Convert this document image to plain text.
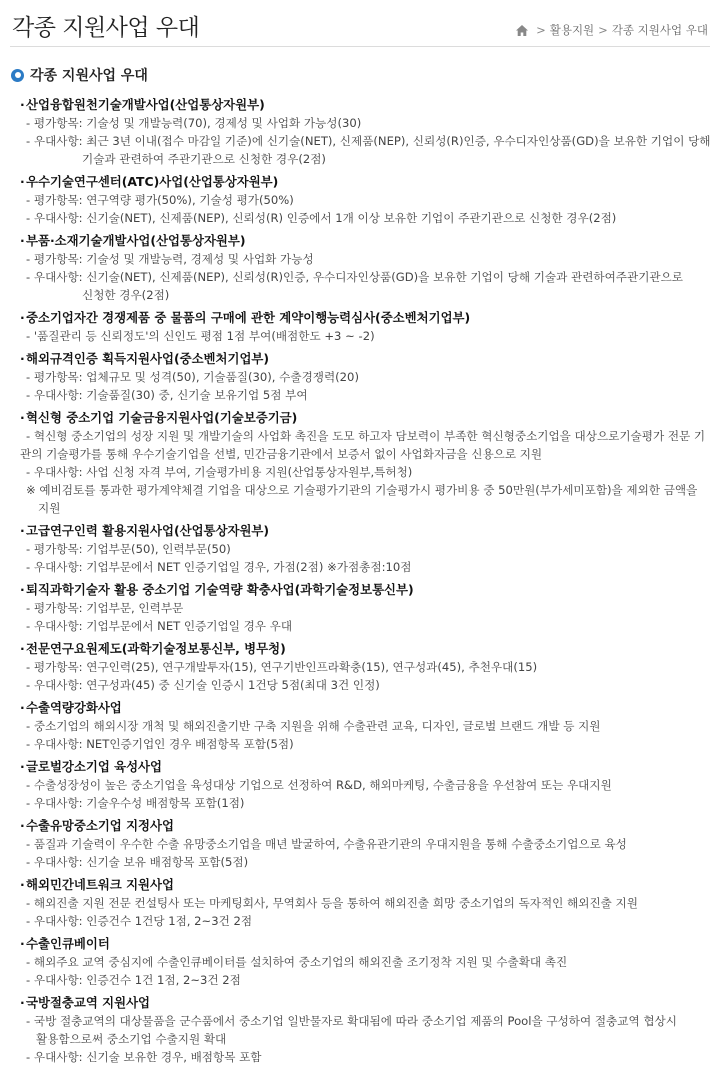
각종 지원사업 우대	> 활용지원 > 각종 지원사업 우대
각종 지원사업 우대
· 산업융합원천기술개발사업(산업통상자원부)
- 평가항목: 기술성 및 개발능력(70), 경제성 및 사업화 가능성(30)
- 우대사항: 최근 3년 이내(접수 마감일 기준)에 신기술(NET), 신제품(NEP), 신뢰성(R)인증, 우수디자인상품(GD)을 보유한 기업이 당해
기술과 관련하여 주관기관으로 신청한 경우(2점)
· 우수기술연구센터(ATC)사업(산업통상자원부)
- 평가항목: 연구역량 평가(50%), 기술성 평가(50%)
- 우대사항: 신기술(NET), 신제품(NEP), 신뢰성(R) 인증에서 1개 이상 보유한 기업이 주관기관으로 신청한 경우(2점)
· 부품·소재기술개발사업(산업통상자원부)
- 평가항목: 기술성 및 개발능력, 경제성 및 사업화 가능성
- 우대사항: 신기술(NET), 신제품(NEP), 신뢰성(R)인증, 우수디자인상품(GD)을 보유한 기업이 당해 기술과 관련하여주관기관으로
신청한 경우(2점)
· 중소기업자간 경쟁제품 중 물품의 구매에 관한 계약이행능력심사(중소벤처기업부)
- '품질관리 등 신뢰정도'의 신인도 평점 1점 부여(배점한도 +3 ~ -2)
· 해외규격인증 획득지원사업(중소벤처기업부)
- 평가항목: 업체규모 및 성격(50), 기술품질(30), 수출경쟁력(20)
- 우대사항: 기술품질(30) 중, 신기술 보유기업 5점 부여
· 혁신형 중소기업 기술금융지원사업(기술보증기금)
- 혁신형 중소기업의 성장 지원 및 개발기술의 사업화 촉진을 도모 하고자 담보력이 부족한 혁신형중소기업을 대상으로기술평가 전문 기
관의 기술평가를 통해 우수기술기업을 선별, 민간금융기관에서 보증서 없이 사업화자금을 신용으로 지원
- 우대사항: 사업 신청 자격 부여, 기술평가비용 지원(산업통상자원부,특허청)
※ 예비검토를 통과한 평가계약체결 기업을 대상으로 기술평가기관의 기술평가시 평가비용 중 50만원(부가세미포함)을 제외한 금액을
지원
· 고급연구인력 활용지원사업(산업통상자원부)
- 평가항목: 기업부문(50), 인력부문(50)
- 우대사항: 기업부문에서 NET 인증기업일 경우, 가점(2점) ※가점총점:10점
· 퇴직과학기술자 활용 중소기업 기술역량 확충사업(과학기술정보통신부)
- 평가항목: 기업부문, 인력부문
- 우대사항: 기업부문에서 NET 인증기업일 경우 우대
· 전문연구요원제도(과학기술정보통신부, 병무청)
- 평가항목: 연구인력(25), 연구개발투자(15), 연구기반인프라확충(15), 연구성과(45), 추천우대(15)
- 우대사항: 연구성과(45) 중 신기술 인증시 1건당 5점(최대 3건 인정)
· 수출역량강화사업
- 중소기업의 해외시장 개척 및 해외진출기반 구축 지원을 위해 수출관련 교육, 디자인, 글로벌 브랜드 개발 등 지원
- 우대사항: NET인증기업인 경우 배점항목 포함(5점)
· 글로벌강소기업 육성사업
- 수출성장성이 높은 중소기업을 육성대상 기업으로 선정하여 R&D, 해외마케팅, 수출금융을 우선참여 또는 우대지원
- 우대사항: 기술우수성 배점항목 포함(1점)
· 수출유망중소기업 지정사업
- 품질과 기술력이 우수한 수출 유망중소기업을 매년 발굴하여, 수출유관기관의 우대지원을 통해 수출중소기업으로 육성
- 우대사항: 신기술 보유 배점항목 포함(5점)
· 해외민간네트워크 지원사업
- 해외진출 지원 전문 컨설팅사 또는 마케팅회사, 무역회사 등을 통하여 해외진출 희망 중소기업의 독자적인 해외진출 지원
- 우대사항: 인증건수 1건당 1점, 2~3건 2점
· 수출인큐베이터
- 해외주요 교역 중심지에 수출인큐베이터를 설치하여 중소기업의 해외진출 조기정착 지원 및 수출확대 촉진
- 우대사항: 인증건수 1건 1점, 2~3건 2점
· 국방절충교역 지원사업
- 국방 절충교역의 대상물품을 군수품에서 중소기업 일반물자로 확대됨에 따라 중소기업 제품의 Pool을 구성하여 절충교역 협상시
활용함으로써 중소기업 수출지원 확대
- 우대사항: 신기술 보유한 경우, 배점항목 포함
